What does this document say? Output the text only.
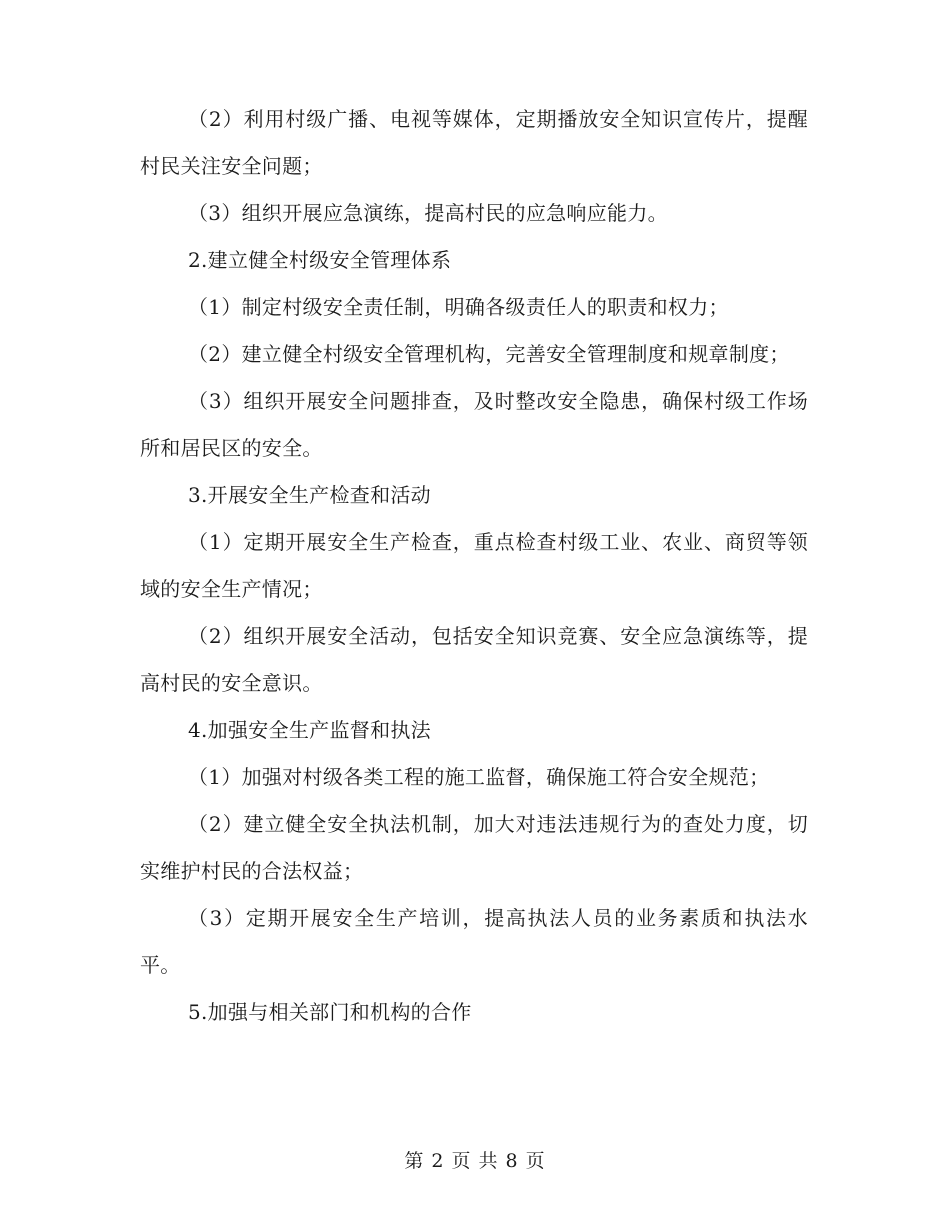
（2）利用村级广播、电视等媒体，定期播放安全知识宣传片，提醒村民关注安全问题；

（3）组织开展应急演练，提高村民的应急响应能力。

2.建立健全村级安全管理体系

（1）制定村级安全责任制，明确各级责任人的职责和权力；

（2）建立健全村级安全管理机构，完善安全管理制度和规章制度；

（3）组织开展安全问题排查，及时整改安全隐患，确保村级工作场所和居民区的安全。

3.开展安全生产检查和活动

（1）定期开展安全生产检查，重点检查村级工业、农业、商贸等领域的安全生产情况；

（2）组织开展安全活动，包括安全知识竞赛、安全应急演练等，提高村民的安全意识。

4.加强安全生产监督和执法

（1）加强对村级各类工程的施工监督，确保施工符合安全规范；

（2）建立健全安全执法机制，加大对违法违规行为的查处力度，切实维护村民的合法权益；

（3）定期开展安全生产培训，提高执法人员的业务素质和执法水平。

5.加强与相关部门和机构的合作

第 2 页 共 8 页
